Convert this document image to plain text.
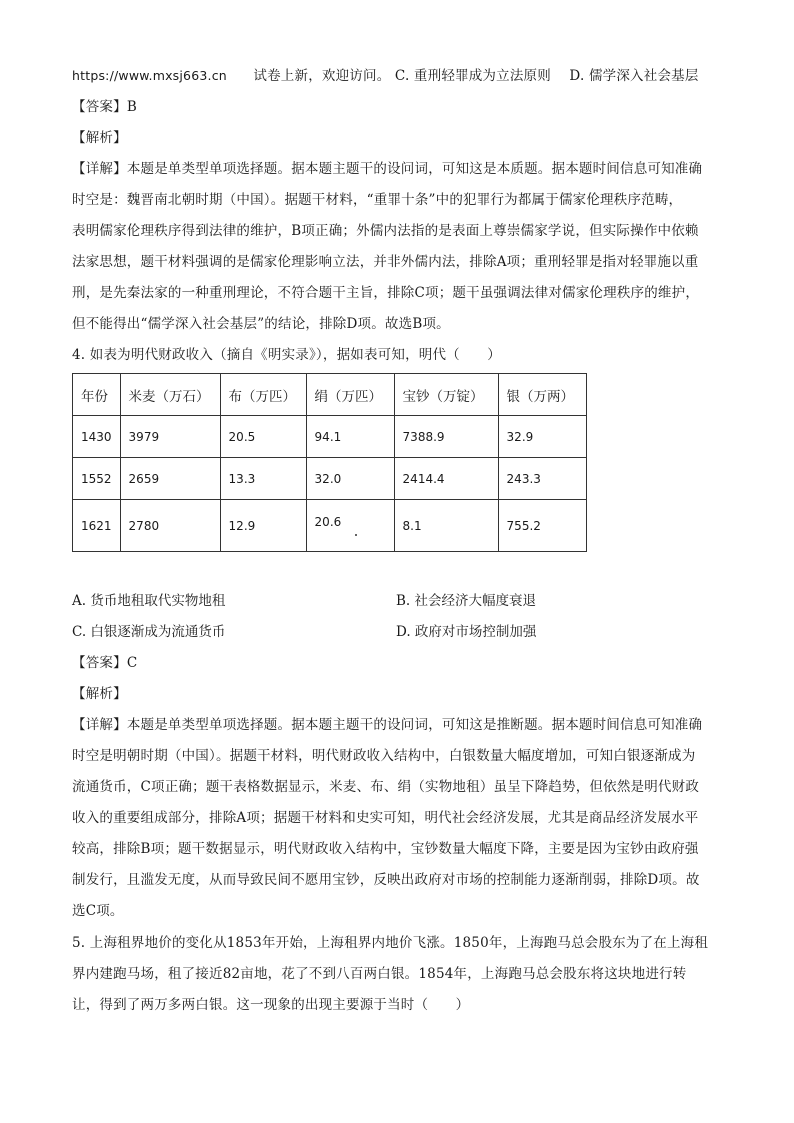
https://www.mxsj663.cn 试卷上新，欢迎访问。 C. 重刑轻罪成为立法原则 D. 儒学深入社会基层
【答案】B
【解析】
【详解】本题是单类型单项选择题。据本题主题干的设问词，可知这是本质题。据本题时间信息可知准确
时空是：魏晋南北朝时期（中国）。据题干材料，“重罪十条”中的犯罪行为都属于儒家伦理秩序范畴，
表明儒家伦理秩序得到法律的维护，B项正确；外儒内法指的是表面上尊崇儒家学说，但实际操作中依赖
法家思想，题干材料强调的是儒家伦理影响立法，并非外儒内法，排除A项；重刑轻罪是指对轻罪施以重
刑，是先秦法家的一种重刑理论，不符合题干主旨，排除C项；题干虽强调法律对儒家伦理秩序的维护，
但不能得出“儒学深入社会基层”的结论，排除D项。故选B项。
4. 如表为明代财政收入（摘自《明实录》），据如表可知，明代（　　）
年份	米麦（万石）	布（万匹）	绢（万匹）	宝钞（万锭）	银（万两）
1430	3979	20.5	94.1	7388.9	32.9
1552	2659	13.3	32.0	2414.4	243.3
1621	2780	12.9	20.6	8.1	755.2
A. 货币地租取代实物地租	B. 社会经济大幅度衰退
C. 白银逐渐成为流通货币	D. 政府对市场控制加强
【答案】C
【解析】
【详解】本题是单类型单项选择题。据本题主题干的设问词，可知这是推断题。据本题时间信息可知准确
时空是明朝时期（中国）。据题干材料，明代财政收入结构中，白银数量大幅度增加，可知白银逐渐成为
流通货币，C项正确；题干表格数据显示，米麦、布、绢（实物地租）虽呈下降趋势，但依然是明代财政
收入的重要组成部分，排除A项；据题干材料和史实可知，明代社会经济发展，尤其是商品经济发展水平
较高，排除B项；题干数据显示，明代财政收入结构中，宝钞数量大幅度下降，主要是因为宝钞由政府强
制发行，且滥发无度，从而导致民间不愿用宝钞，反映出政府对市场的控制能力逐渐削弱，排除D项。故
选C项。
5. 上海租界地价的变化从1853年开始，上海租界内地价飞涨。1850年，上海跑马总会股东为了在上海租
界内建跑马场，租了接近82亩地，花了不到八百两白银。1854年，上海跑马总会股东将这块地进行转
让，得到了两万多两白银。这一现象的出现主要源于当时（　　）
